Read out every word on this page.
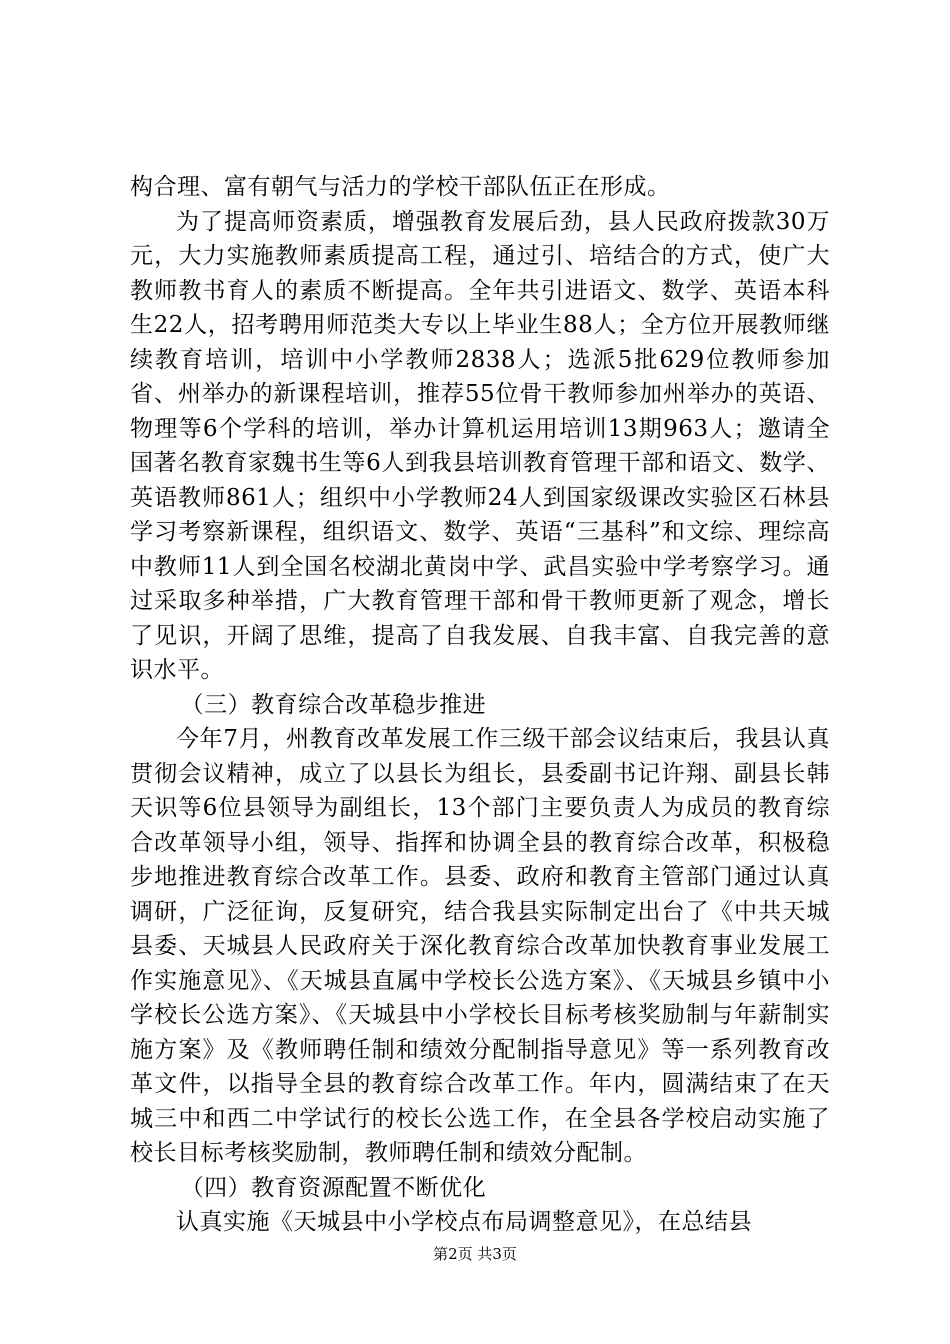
构合理、富有朝气与活力的学校干部队伍正在形成。

为了提高师资素质，增强教育发展后劲，县人民政府拨款30万元，大力实施教师素质提高工程，通过引、培结合的方式，使广大教师教书育人的素质不断提高。全年共引进语文、数学、英语本科生22人，招考聘用师范类大专以上毕业生88人；全方位开展教师继续教育培训，培训中小学教师2838人；选派5批629位教师参加省、州举办的新课程培训，推荐55位骨干教师参加州举办的英语、物理等6个学科的培训，举办计算机运用培训13期963人；邀请全国著名教育家魏书生等6人到我县培训教育管理干部和语文、数学、英语教师861人；组织中小学教师24人到国家级课改实验区石林县学习考察新课程，组织语文、数学、英语“三基科”和文综、理综高中教师11人到全国名校湖北黄岗中学、武昌实验中学考察学习。通过采取多种举措，广大教育管理干部和骨干教师更新了观念，增长了见识，开阔了思维，提高了自我发展、自我丰富、自我完善的意识水平。

（三）教育综合改革稳步推进

今年7月，州教育改革发展工作三级干部会议结束后，我县认真贯彻会议精神，成立了以县长为组长，县委副书记许翔、副县长韩天识等6位县领导为副组长，13个部门主要负责人为成员的教育综合改革领导小组，领导、指挥和协调全县的教育综合改革，积极稳步地推进教育综合改革工作。县委、政府和教育主管部门通过认真调研，广泛征询，反复研究，结合我县实际制定出台了《中共天城县委、天城县人民政府关于深化教育综合改革加快教育事业发展工作实施意见》、《天城县直属中学校长公选方案》、《天城县乡镇中小学校长公选方案》、《天城县中小学校长目标考核奖励制与年薪制实施方案》及《教师聘任制和绩效分配制指导意见》等一系列教育改革文件，以指导全县的教育综合改革工作。年内，圆满结束了在天城三中和西二中学试行的校长公选工作，在全县各学校启动实施了校长目标考核奖励制，教师聘任制和绩效分配制。

（四）教育资源配置不断优化

认真实施《天城县中小学校点布局调整意见》，在总结县

第2页 共3页
